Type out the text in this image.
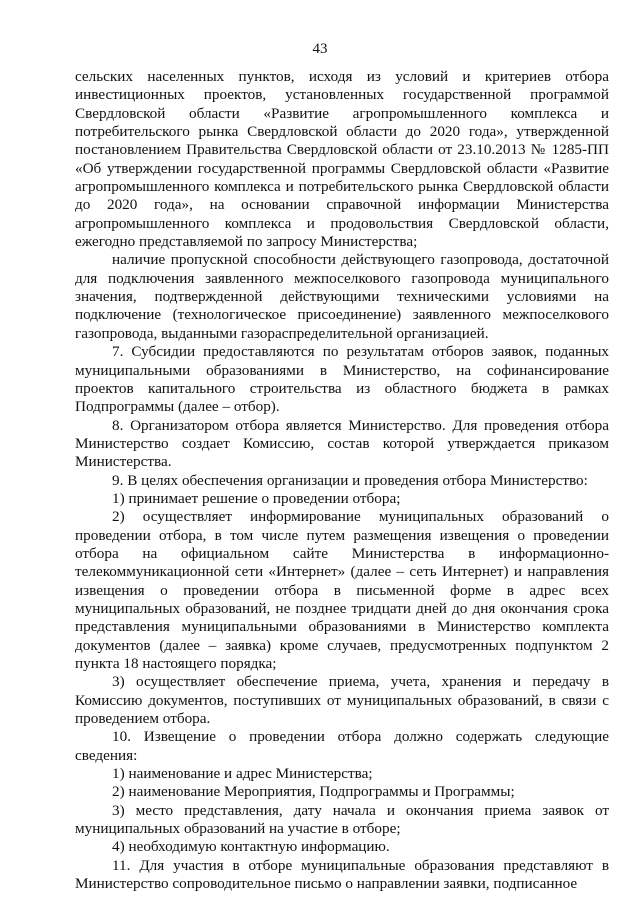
43

сельских населенных пунктов, исходя из условий и критериев отбора инвестиционных проектов, установленных государственной программой Свердловской области «Развитие агропромышленного комплекса и потребительского рынка Свердловской области до 2020 года», утвержденной постановлением Правительства Свердловской области от 23.10.2013 № 1285-ПП «Об утверждении государственной программы Свердловской области «Развитие агропромышленного комплекса и потребительского рынка Свердловской области до 2020 года», на основании справочной информации Министерства агропромышленного комплекса и продовольствия Свердловской области, ежегодно представляемой по запросу Министерства;

наличие пропускной способности действующего газопровода, достаточной для подключения заявленного межпоселкового газопровода муниципального значения, подтвержденной действующими техническими условиями на подключение (технологическое присоединение) заявленного межпоселкового газопровода, выданными газораспределительной организацией.

7. Субсидии предоставляются по результатам отборов заявок, поданных муниципальными образованиями в Министерство, на софинансирование проектов капитального строительства из областного бюджета в рамках Подпрограммы (далее – отбор).

8. Организатором отбора является Министерство. Для проведения отбора Министерство создает Комиссию, состав которой утверждается приказом Министерства.

9. В целях обеспечения организации и проведения отбора Министерство:

1) принимает решение о проведении отбора;

2) осуществляет информирование муниципальных образований о проведении отбора, в том числе путем размещения извещения о проведении отбора на официальном сайте Министерства в информационно-телекоммуникационной сети «Интернет» (далее – сеть Интернет) и направления извещения о проведении отбора в письменной форме в адрес всех муниципальных образований, не позднее тридцати дней до дня окончания срока представления муниципальными образованиями в Министерство комплекта документов (далее – заявка) кроме случаев, предусмотренных подпунктом 2 пункта 18 настоящего порядка;

3) осуществляет обеспечение приема, учета, хранения и передачу в Комиссию документов, поступивших от муниципальных образований, в связи с проведением отбора.

10. Извещение о проведении отбора должно содержать следующие сведения:

1) наименование и адрес Министерства;

2) наименование Мероприятия, Подпрограммы и Программы;

3) место представления, дату начала и окончания приема заявок от муниципальных образований на участие в отборе;

4) необходимую контактную информацию.

11. Для участия в отборе муниципальные образования представляют в Министерство сопроводительное письмо о направлении заявки, подписанное
